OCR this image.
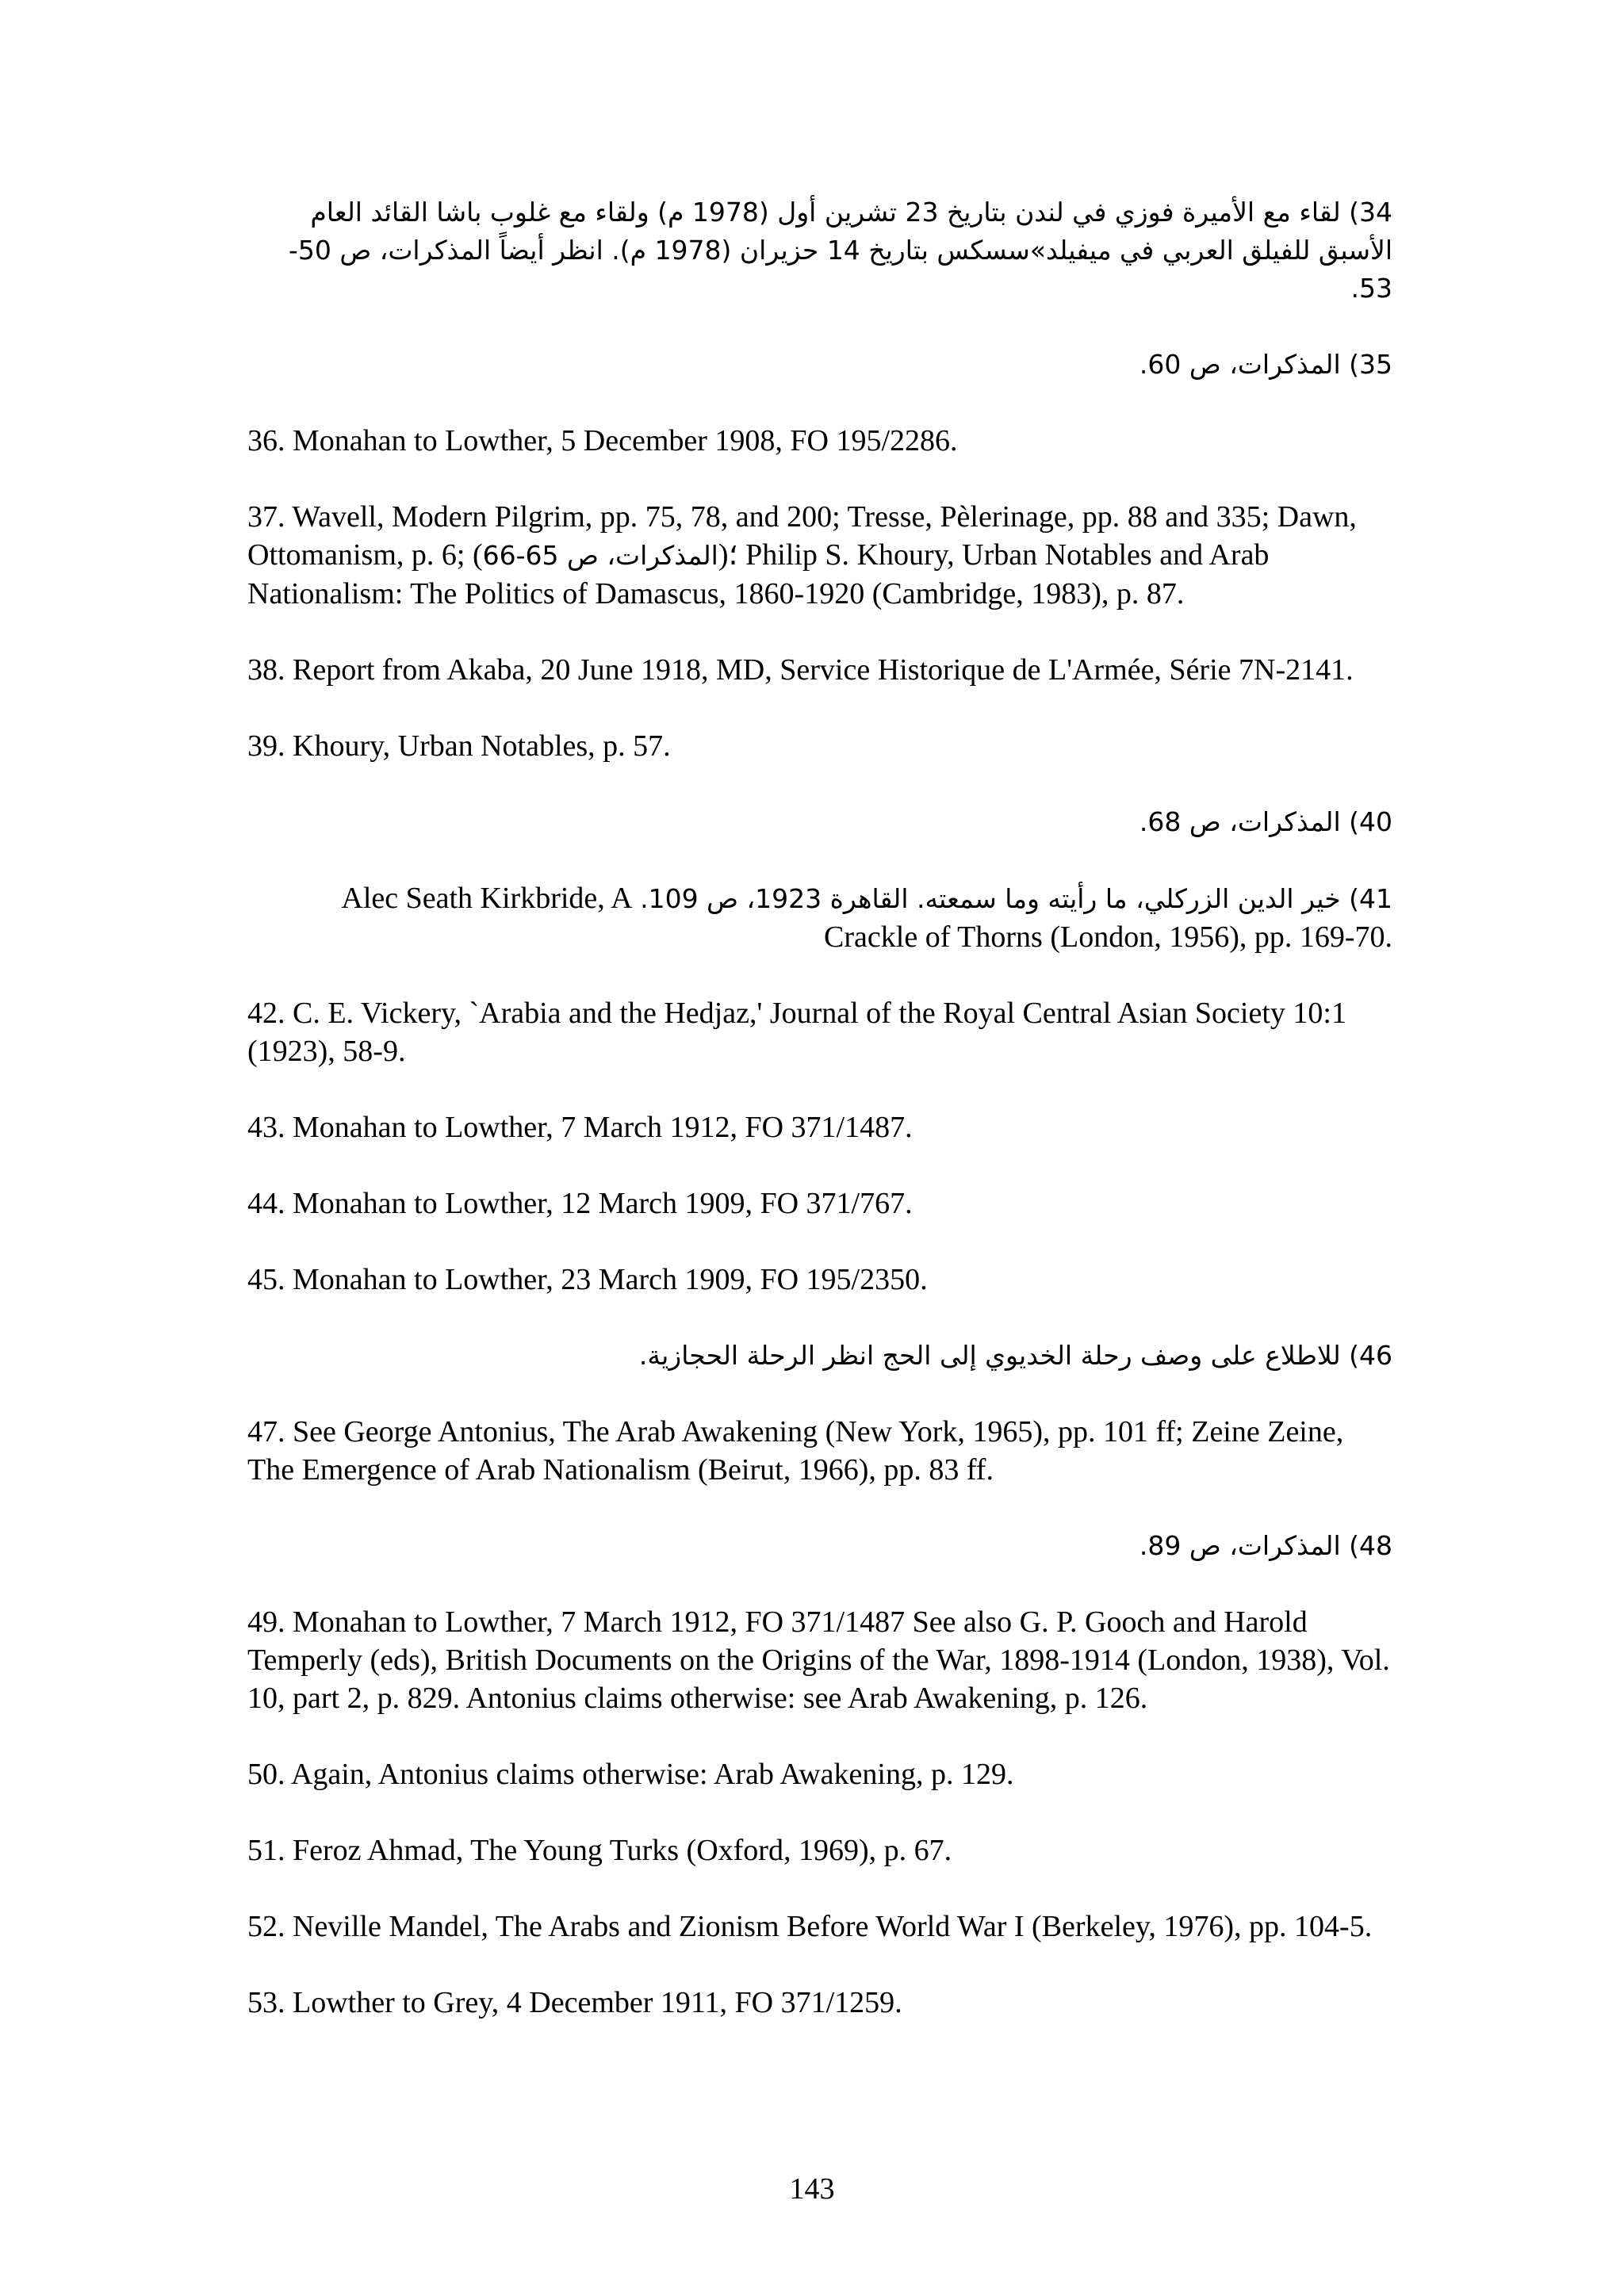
34) لقاء مع الأميرة فوزي في لندن بتاريخ 23 تشرين أول (1978 م) ولقاء مع غلوب باشا القائد العام الأسبق للفيلق العربي في ميفيلد»سسكس بتاريخ 14 حزيران (1978 م). انظر أيضاً المذكرات، ص 50-53.

35) المذكرات، ص 60.

36. Monahan to Lowther, 5 December 1908, FO 195/2286.

37. Wavell, Modern Pilgrim, pp. 75, 78, and 200; Tresse, Pèlerinage, pp. 88 and 335; Dawn, Ottomanism, p. 6; (المذكرات، ص 65-66)؛ Philip S. Khoury, Urban Notables and Arab Nationalism: The Politics of Damascus, 1860-1920 (Cambridge, 1983), p. 87.

38. Report from Akaba, 20 June 1918, MD, Service Historique de L'Armée, Série 7N-2141.

39. Khoury, Urban Notables, p. 57.

40) المذكرات، ص 68.

41) خير الدين الزركلي، ما رأيته وما سمعته. القاهرة 1923، ص 109. Alec Seath Kirkbride, A Crackle of Thorns (London, 1956), pp. 169-70.

42. C. E. Vickery, `Arabia and the Hedjaz,' Journal of the Royal Central Asian Society 10:1 (1923), 58-9.

43. Monahan to Lowther, 7 March 1912, FO 371/1487.

44. Monahan to Lowther, 12 March 1909, FO 371/767.

45. Monahan to Lowther, 23 March 1909, FO 195/2350.

46) للاطلاع على وصف رحلة الخديوي إلى الحج انظر الرحلة الحجازية.

47. See George Antonius, The Arab Awakening (New York, 1965), pp. 101 ff; Zeine Zeine, The Emergence of Arab Nationalism (Beirut, 1966), pp. 83 ff.

48) المذكرات، ص 89.

49. Monahan to Lowther, 7 March 1912, FO 371/1487 See also G. P. Gooch and Harold Temperly (eds), British Documents on the Origins of the War, 1898-1914 (London, 1938), Vol. 10, part 2, p. 829. Antonius claims otherwise: see Arab Awakening, p. 126.

50. Again, Antonius claims otherwise: Arab Awakening, p. 129.

51. Feroz Ahmad, The Young Turks (Oxford, 1969), p. 67.

52. Neville Mandel, The Arabs and Zionism Before World War I (Berkeley, 1976), pp. 104-5.

53. Lowther to Grey, 4 December 1911, FO 371/1259.

143
